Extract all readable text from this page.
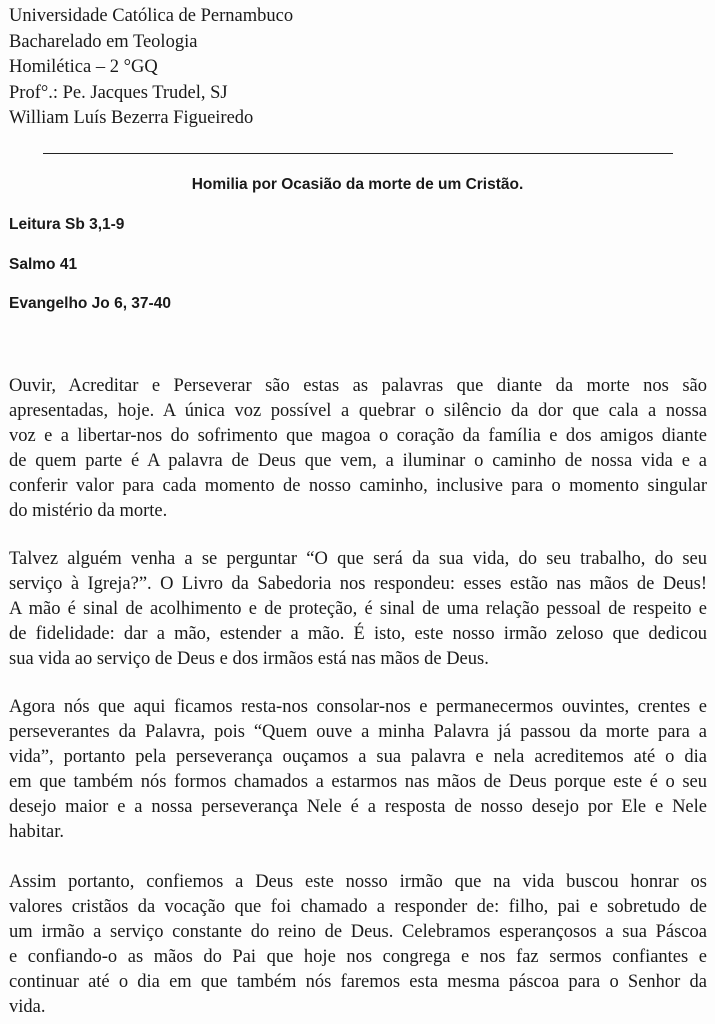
Universidade Católica de Pernambuco
Bacharelado em Teologia
Homilética – 2 °GQ
Prof°.: Pe. Jacques Trudel, SJ
William Luís Bezerra Figueiredo
Homilia por Ocasião da morte de um Cristão.
Leitura Sb 3,1-9
Salmo 41
Evangelho Jo 6, 37-40
Ouvir, Acreditar e Perseverar são estas as palavras que diante da morte nos são
apresentadas, hoje. A única voz possível a quebrar o silêncio da dor que cala a nossa
voz e a libertar-nos do sofrimento que magoa o coração da família e dos amigos diante
de quem parte é A palavra de Deus que vem, a iluminar o caminho de nossa vida e a
conferir valor para cada momento de nosso caminho, inclusive para o momento singular
do mistério da morte.
Talvez alguém venha a se perguntar “O que será da sua vida, do seu trabalho, do seu
serviço à Igreja?”. O Livro da Sabedoria nos respondeu: esses estão nas mãos de Deus!
A mão é sinal de acolhimento e de proteção, é sinal de uma relação pessoal de respeito e
de fidelidade: dar a mão, estender a mão. É isto, este nosso irmão zeloso que dedicou
sua vida ao serviço de Deus e dos irmãos está nas mãos de Deus.
Agora nós que aqui ficamos resta-nos consolar-nos e permanecermos ouvintes, crentes e
perseverantes da Palavra, pois “Quem ouve a minha Palavra já passou da morte para a
vida”, portanto pela perseverança ouçamos a sua palavra e nela acreditemos até o dia
em que também nós formos chamados a estarmos nas mãos de Deus porque este é o seu
desejo maior e a nossa perseverança Nele é a resposta de nosso desejo por Ele e Nele
habitar.
Assim portanto, confiemos a Deus este nosso irmão que na vida buscou honrar os
valores cristãos da vocação que foi chamado a responder de: filho, pai e sobretudo de
um irmão a serviço constante do reino de Deus. Celebramos esperançosos a sua Páscoa
e confiando-o as mãos do Pai que hoje nos congrega e nos faz sermos confiantes e
continuar até o dia em que também nós faremos esta mesma páscoa para o Senhor da
vida.
